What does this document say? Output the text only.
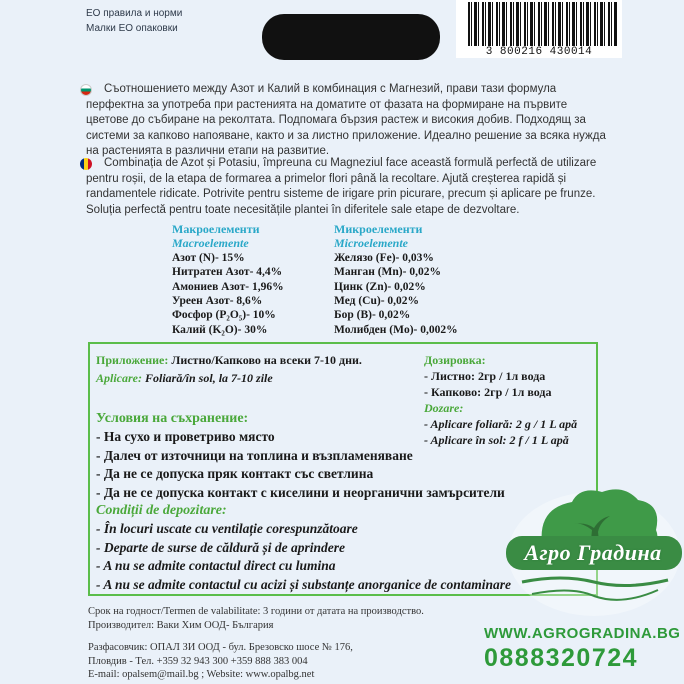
ЕО правила и норми
Малки ЕО опаковки
3 800216 430014
Съотношението между Азот и Калий в комбинация с Магнезий, прави тази формула перфектна за употреба при растенията на доматите от фазата на формиране на първите цветове до събиране на реколтата. Подпомага бързия растеж и високия добив. Подходящ за системи за капково напояване, както и за листно приложение. Идеално решение за всяка нужда на растенията в различни етапи на развитие.
Combinația de Azot și Potasiu, împreuna cu Magneziul face această formulă perfectă de utilizare pentru roșii, de la etapa de formarea a primelor flori până la recoltare. Ajută creșterea rapidă și randamentele ridicate. Potrivite pentru sisteme de irigare prin picurare, precum și aplicare pe frunze. Soluția perfectă pentru toate necesitățile plantei în diferitele sale etape de dezvoltare.
Макроелементи
Macroelemente
Азот (N)- 15%
Нитратен Азот- 4,4%
Амониев Азот- 1,96%
Уреен Азот- 8,6%
Фосфор (P₂O₅)- 10%
Калий (K₂O)- 30%
Микроелементи
Microelemente
Желязо (Fe)- 0,03%
Манган (Mn)- 0,02%
Цинк (Zn)- 0,02%
Мед (Cu)- 0,02%
Бор (B)- 0,02%
Молибден (Mo)- 0,002%
Приложение: Листно/Капково на всеки 7-10 дни.
Aplicare: Foliară/în sol, la 7-10 zile
Дозировка:
- Листно: 2гр / 1л вода
- Капково: 2гр / 1л вода
Dozare:
- Aplicare foliară: 2 g / 1 L apă
- Aplicare în sol: 2 f / 1 L apă
Условия на съхранение:
- На сухо и проветриво място
- Далеч от източници на топлина и възпламеняване
- Да не се допуска пряк контакт със светлина
- Да не се допуска контакт с киселини и неорганични замърсители
Condiții de depozitare:
- În locuri uscate cu ventilație corespunzătoare
- Departe de surse de căldură și de aprindere
- A nu se admite contactul direct cu lumina
- A nu se admite contactul cu acizi și substanțe anorganice de contaminare
Срок на годност/Termen de valabilitate: 3 години от датата на производство.
Производител: Ваки Хим ООД- България
Разфасовчик: ОПАЛ ЗИ ООД - бул. Брезовско шосе № 176,
Пловдив - Тел. +359 32 943 300 +359 888 383 004
E-mail: opalsem@mail.bg ; Website: www.opalbg.net
Агро Градина
WWW.AGROGRADINA.BG
0888320724
